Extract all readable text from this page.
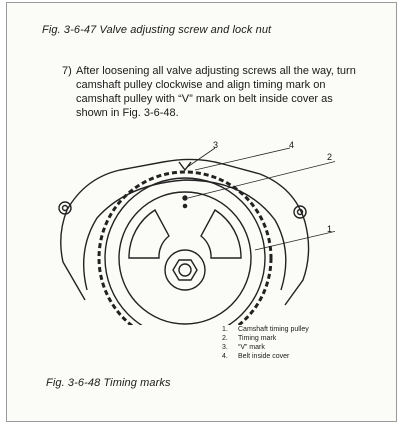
Fig. 3-6-47 Valve adjusting screw and lock nut
7) After loosening all valve adjusting screws all the way, turn camshaft pulley clockwise and align timing mark on camshaft pulley with “V” mark on belt inside cover as shown in Fig. 3-6-48.
3	4
2
1
1.	Camshaft timing pulley
2.	Timing mark
3.	“V” mark
4.	Belt inside cover
Fig. 3-6-48 Timing marks
